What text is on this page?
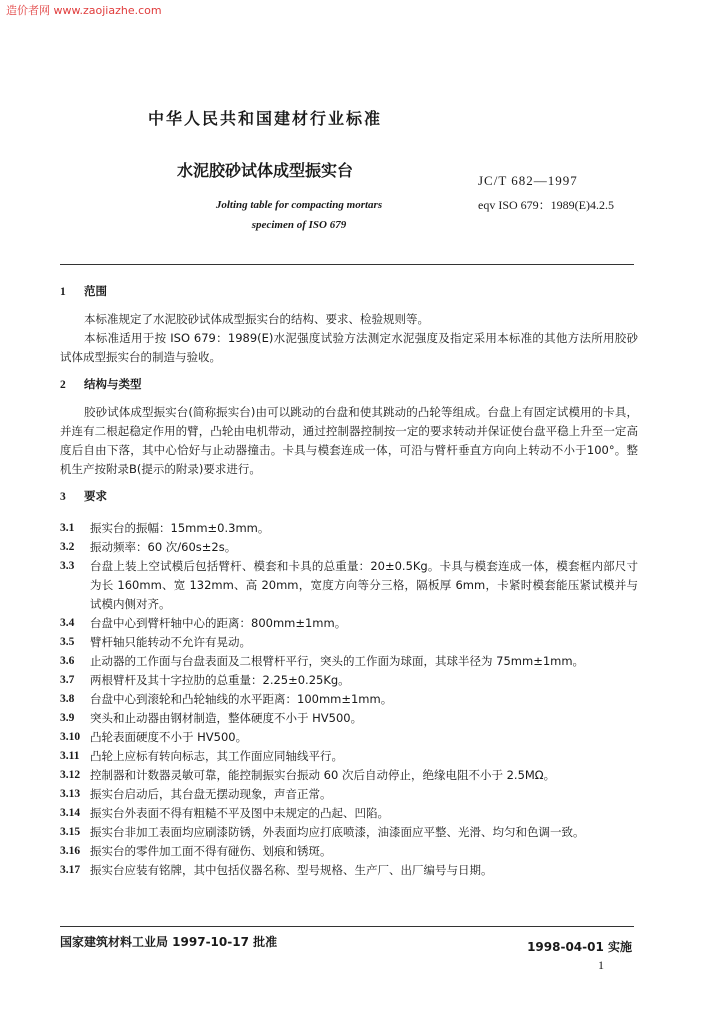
造价者网 www.zaojiazhe.com
中华人民共和国建材行业标准
水泥胶砂试体成型振实台
Jolting table for compacting mortars
specimen of ISO 679
JC/T 682—1997
eqv ISO 679：1989(E)4.2.5
1 范围

本标准规定了水泥胶砂试体成型振实台的结构、要求、检验规则等。

本标准适用于按 ISO 679：1989(E)水泥强度试验方法测定水泥强度及指定采用本标准的其他方法所用胶砂试体成型振实台的制造与验收。

2 结构与类型

胶砂试体成型振实台(简称振实台)由可以跳动的台盘和使其跳动的凸轮等组成。台盘上有固定试模用的卡具，并连有二根起稳定作用的臂，凸轮由电机带动，通过控制器控制按一定的要求转动并保证使台盘平稳上升至一定高度后自由下落，其中心恰好与止动器撞击。卡具与模套连成一体，可沿与臂杆垂直方向向上转动不小于100°。整机生产按附录B(提示的附录)要求进行。

3 要求
3.1	振实台的振幅：15mm±0.3mm。
3.2	振动频率：60 次/60s±2s。
3.3	台盘上装上空试模后包括臂杆、模套和卡具的总重量：20±0.5Kg。卡具与模套连成一体，模套框内部尺寸为长 160mm、宽 132mm、高 20mm，宽度方向等分三格，隔板厚 6mm，卡紧时模套能压紧试模并与试模内侧对齐。
3.4	台盘中心到臂杆轴中心的距离：800mm±1mm。
3.5	臂杆轴只能转动不允许有晃动。
3.6	止动器的工作面与台盘表面及二根臂杆平行，突头的工作面为球面，其球半径为 75mm±1mm。
3.7	两根臂杆及其十字拉肋的总重量：2.25±0.25Kg。
3.8	台盘中心到滚轮和凸轮轴线的水平距离：100mm±1mm。
3.9	突头和止动器由钢材制造，整体硬度不小于 HV500。
3.10 凸轮表面硬度不小于 HV500。
3.11 凸轮上应标有转向标志，其工作面应同轴线平行。
3.12 控制器和计数器灵敏可靠，能控制振实台振动 60 次后自动停止，绝缘电阻不小于 2.5MΩ。
3.13 振实台启动后，其台盘无摆动现象，声音正常。
3.14 振实台外表面不得有粗糙不平及图中未规定的凸起、凹陷。
3.15 振实台非加工表面均应刷漆防锈，外表面均应打底喷漆，油漆面应平整、光滑、均匀和色调一致。
3.16 振实台的零件加工面不得有碰伤、划痕和锈斑。
3.17 振实台应装有铭牌，其中包括仪器名称、型号规格、生产厂、出厂编号与日期。
国家建筑材料工业局 1997-10-17 批准	1998-04-01 实施
1
